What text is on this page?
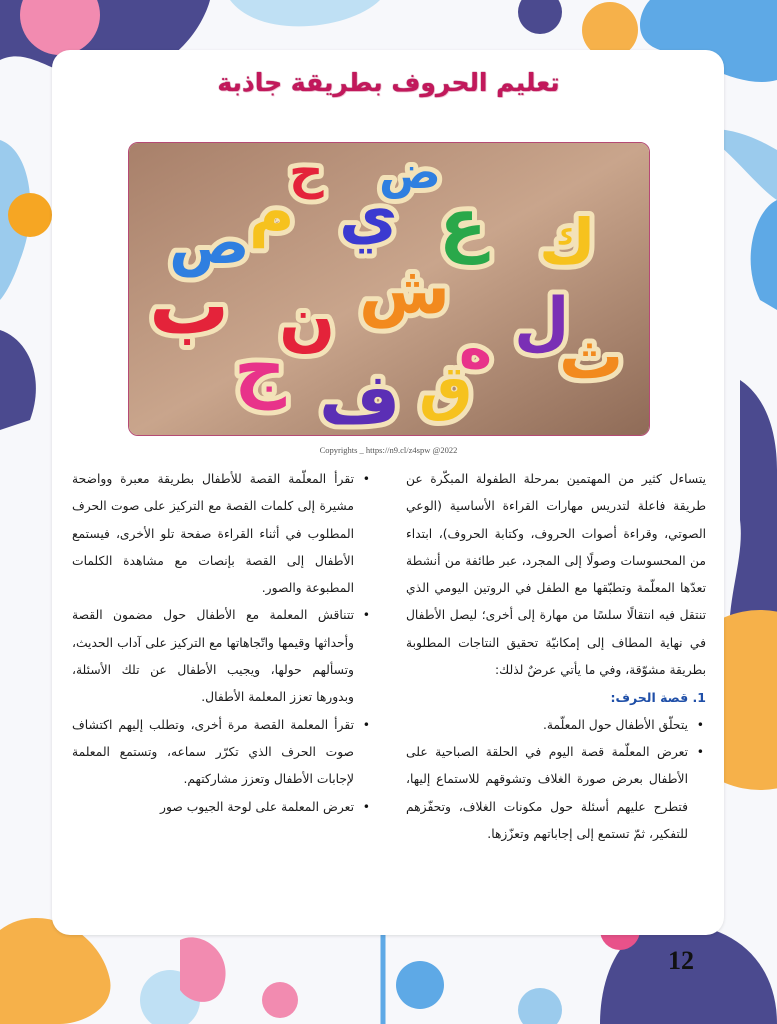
تعليم الحروف بطريقة جاذبة
ب
ج
ع ك
ل
ش
ث
ه
ف
ي
ص م
ن
ق
ح ض
Copyrights _ https://n9.cl/z4spw @2022

يتساءل كثير من المهتمين بمرحلة الطفولة المبكّرة عن طريقة فاعلة لتدريس مهارات القراءة الأساسية (الوعي الصوتي، وقراءة أصوات الحروف، وكتابة الحروف)، ابتداء من المحسوسات وصولًا إلى المجرد، عبر طائفة من أنشطة تعدّها المعلّمة وتطبّقها مع الطفل في الروتين اليومي الذي تنتقل فيه انتقالًا سلسًا من مهارة إلى أخرى؛ ليصل الأطفال في نهاية المطاف إلى إمكانيّة تحقيق النتاجات المطلوبة بطريقة مشوّقة، وفي ما يأتي عرضٌ لذلك:

1. قصة الحرف:

• يتحلّق الأطفال حول المعلّمة.
• تعرض المعلّمة قصة اليوم في الحلقة الصباحية على الأطفال بعرض صورة الغلاف وتشوقهم للاستماع إليها، فتطرح عليهم أسئلة حول مكونات الغلاف، وتحفّزهم للتفكير، ثمّ تستمع إلى إجاباتهم وتعزّزها.
• تقرأ المعلّمة القصة للأطفال بطريقة معبرة وواضحة مشيرة إلى كلمات القصة مع التركيز على صوت الحرف المطلوب في أثناء القراءة صفحة تلو الأخرى، فيستمع الأطفال إلى القصة بإنصات مع مشاهدة الكلمات المطبوعة والصور.
• تتناقش المعلمة مع الأطفال حول مضمون القصة وأحداثها وقيمها واتّجاهاتها مع التركيز على آداب الحديث، وتسألهم حولها، ويجيب الأطفال عن تلك الأسئلة، وبدورها تعزز المعلمة الأطفال.
• تقرأ المعلمة القصة مرة أخرى، وتطلب إليهم اكتشاف صوت الحرف الذي تكرّر سماعه، وتستمع المعلمة لإجابات الأطفال وتعزز مشاركتهم.
• تعرض المعلمة على لوحة الجيوب صور
12
